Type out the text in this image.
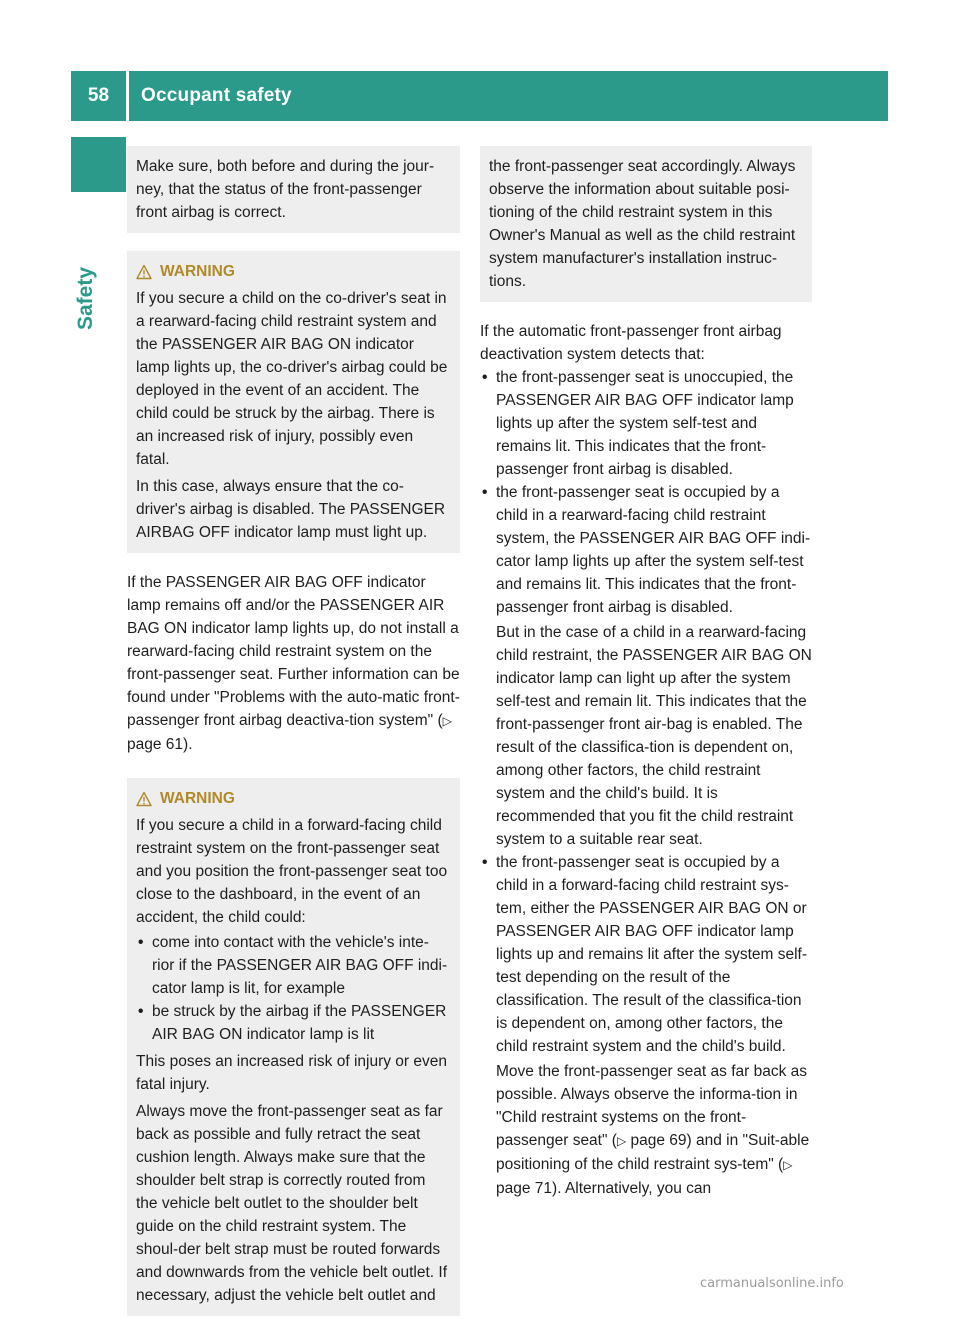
58	Occupant safety
Safety

Make sure, both before and during the jour-ney, that the status of the front-passenger front airbag is correct.

WARNING

If you secure a child on the co-driver's seat in a rearward-facing child restraint system and the PASSENGER AIR BAG ON indicator lamp lights up, the co-driver's airbag could be deployed in the event of an accident. The child could be struck by the airbag. There is an increased risk of injury, possibly even fatal.

In this case, always ensure that the co-driver's airbag is disabled. The PASSENGER AIRBAG OFF indicator lamp must light up.

If the PASSENGER AIR BAG OFF indicator lamp remains off and/or the PASSENGER AIR BAG ON indicator lamp lights up, do not install a rearward-facing child restraint system on the front-passenger seat. Further information can be found under "Problems with the auto-matic front-passenger front airbag deactiva-tion system" (▷ page 61).

WARNING

If you secure a child in a forward-facing child restraint system on the front-passenger seat and you position the front-passenger seat too close to the dashboard, in the event of an accident, the child could:

• come into contact with the vehicle's inte-rior if the PASSENGER AIR BAG OFF indi-cator lamp is lit, for example
• be struck by the airbag if the PASSENGER AIR BAG ON indicator lamp is lit

This poses an increased risk of injury or even fatal injury.

Always move the front-passenger seat as far back as possible and fully retract the seat cushion length. Always make sure that the shoulder belt strap is correctly routed from the vehicle belt outlet to the shoulder belt guide on the child restraint system. The shoul-der belt strap must be routed forwards and downwards from the vehicle belt outlet. If necessary, adjust the vehicle belt outlet and

the front-passenger seat accordingly. Always observe the information about suitable posi-tioning of the child restraint system in this Owner's Manual as well as the child restraint system manufacturer's installation instruc-tions.

If the automatic front-passenger front airbag deactivation system detects that:

• the front-passenger seat is unoccupied, the PASSENGER AIR BAG OFF indicator lamp lights up after the system self-test and remains lit. This indicates that the front-passenger front airbag is disabled.

• the front-passenger seat is occupied by a child in a rearward-facing child restraint system, the PASSENGER AIR BAG OFF indi-cator lamp lights up after the system self-test and remains lit. This indicates that the front-passenger front airbag is disabled.

But in the case of a child in a rearward-facing child restraint, the PASSENGER AIR BAG ON indicator lamp can light up after the system self-test and remain lit. This indicates that the front-passenger front air-bag is enabled. The result of the classifica-tion is dependent on, among other factors, the child restraint system and the child's build. It is recommended that you fit the child restraint system to a suitable rear seat.

• the front-passenger seat is occupied by a child in a forward-facing child restraint sys-tem, either the PASSENGER AIR BAG ON or PASSENGER AIR BAG OFF indicator lamp lights up and remains lit after the system self-test depending on the result of the classification. The result of the classifica-tion is dependent on, among other factors, the child restraint system and the child's build.

Move the front-passenger seat as far back as possible. Always observe the informa-tion in "Child restraint systems on the front-passenger seat" (▷ page 69) and in "Suit-able positioning of the child restraint sys-tem" (▷ page 71). Alternatively, you can

carmanualsonline.info
